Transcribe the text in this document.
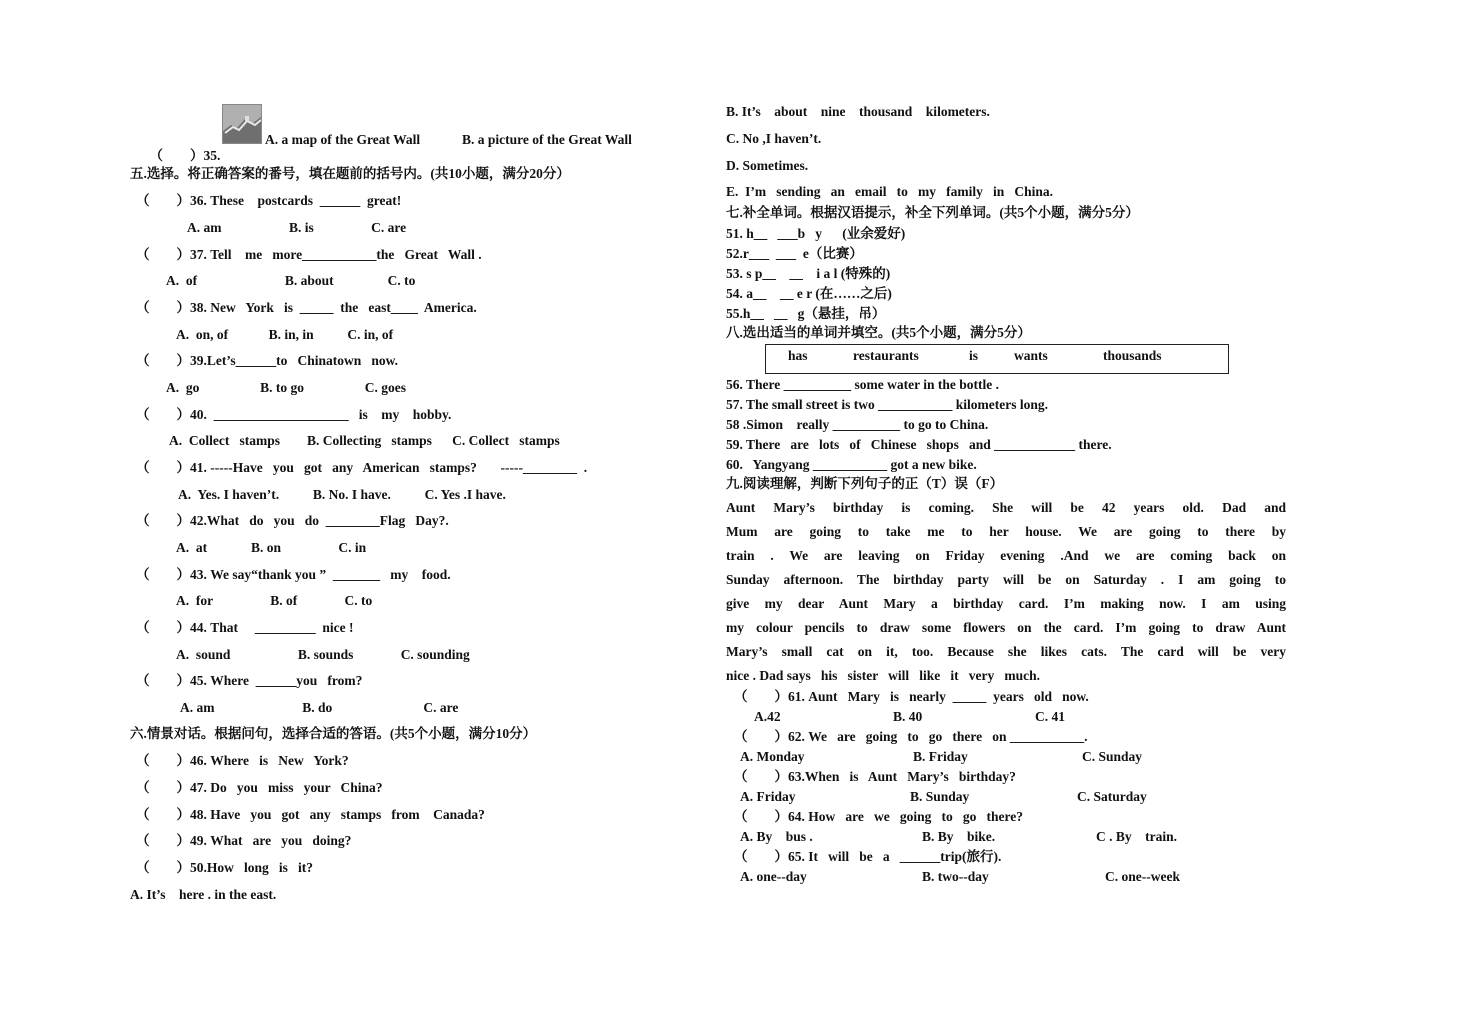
（        ）35.

A. a map of the Great Wall	B. a picture of the Great Wall
五.选择。将正确答案的番号，填在题前的括号内。(共10小题，满分20分）
（        ）36. These    postcards  ______  great!
A. am                    B. is                 C. are
（        ）37. Tell    me   more___________the   Great   Wall .
A.  of                          B. about                C. to
（        ）38. New   York   is  _____  the   east____  America.
A.  on, of            B. in, in          C. in, of
（        ）39.Let’s______to   Chinatown   now.
A.  go                  B. to go                  C. goes
（        ）40.  ____________________   is    my    hobby.
A.  Collect   stamps        B. Collecting   stamps      C. Collect   stamps
（        ）41. -----Have   you   got   any   American   stamps?       -----________  .
A.  Yes. I haven’t.          B. No. I have.          C. Yes .I have.
（        ）42.What   do   you   do  ________Flag   Day?.
A.  at             B. on                 C. in
（        ）43. We say“thank you ”  _______   my    food.
A.  for                 B. of              C. to
（        ）44. That     _________  nice !
A.  sound                    B. sounds              C. sounding
（        ）45. Where  ______you   from?
A. am                          B. do                           C. are
六.情景对话。根据问句，选择合适的答语。(共5个小题，满分10分）
（        ）46. Where   is   New   York?
（        ）47. Do   you   miss   your   China?
（        ）48. Have   you   got   any   stamps   from    Canada?
（        ）49. What   are   you   doing?
（        ）50.How   long   is   it?
A. It’s    here . in the east.
B. It’s    about    nine    thousand    kilometers.
C. No ,I haven’t.
D. Sometimes.
E.  I’m   sending   an   email   to   my   family   in   China.
七.补全单词。根据汉语提示，补全下列单词。(共5个小题，满分5分）
51. h__   ___b   y      (业余爱好)
52.r___  ___  e（比赛）
53. s p__    __    i a l (特殊的)
54. a__    __ e r (在……之后)
55.h__   __   g（悬挂，吊）
八.选出适当的单词并填空。(共5个小题，满分5分）
has	restaurants	is	wants	thousands
56. There __________ some water in the bottle .
57. The small street is two ___________ kilometers long.
58 .Simon    really __________ to go to China.
59. There   are   lots   of   Chinese   shops   and ____________ there.
60.   Yangyang ___________ got a new bike.
九.阅读理解，判断下列句子的正（T）误（F）
Aunt Mary’s birthday is coming. She will be 42 years old. Dad and
Mum are going to take me to her house. We are going to there by
train . We are leaving on Friday evening .And we are coming back on
Sunday afternoon. The birthday party will be on Saturday . I am going to
give my dear Aunt Mary a birthday card. I’m making now. I am using
my colour pencils to draw some flowers on the card. I’m going to draw Aunt
Mary’s small cat on it, too. Because she likes cats. The card will be very
nice . Dad says   his   sister   will   like   it   very   much.
（        ）61. Aunt   Mary   is   nearly  _____  years   old   now.
A.42	B. 40	C. 41
（        ）62. We   are   going   to   go   there   on ___________.
A. Monday	B. Friday	C. Sunday
（        ）63.When   is   Aunt   Mary’s   birthday?
A. Friday	B. Sunday	C. Saturday
（        ）64. How   are   we   going   to   go   there?
A. By    bus .	B. By    bike.	C . By    train.
（        ）65. It   will   be   a   ______trip(旅行).
A. one--day	B. two--day	C. one--week
